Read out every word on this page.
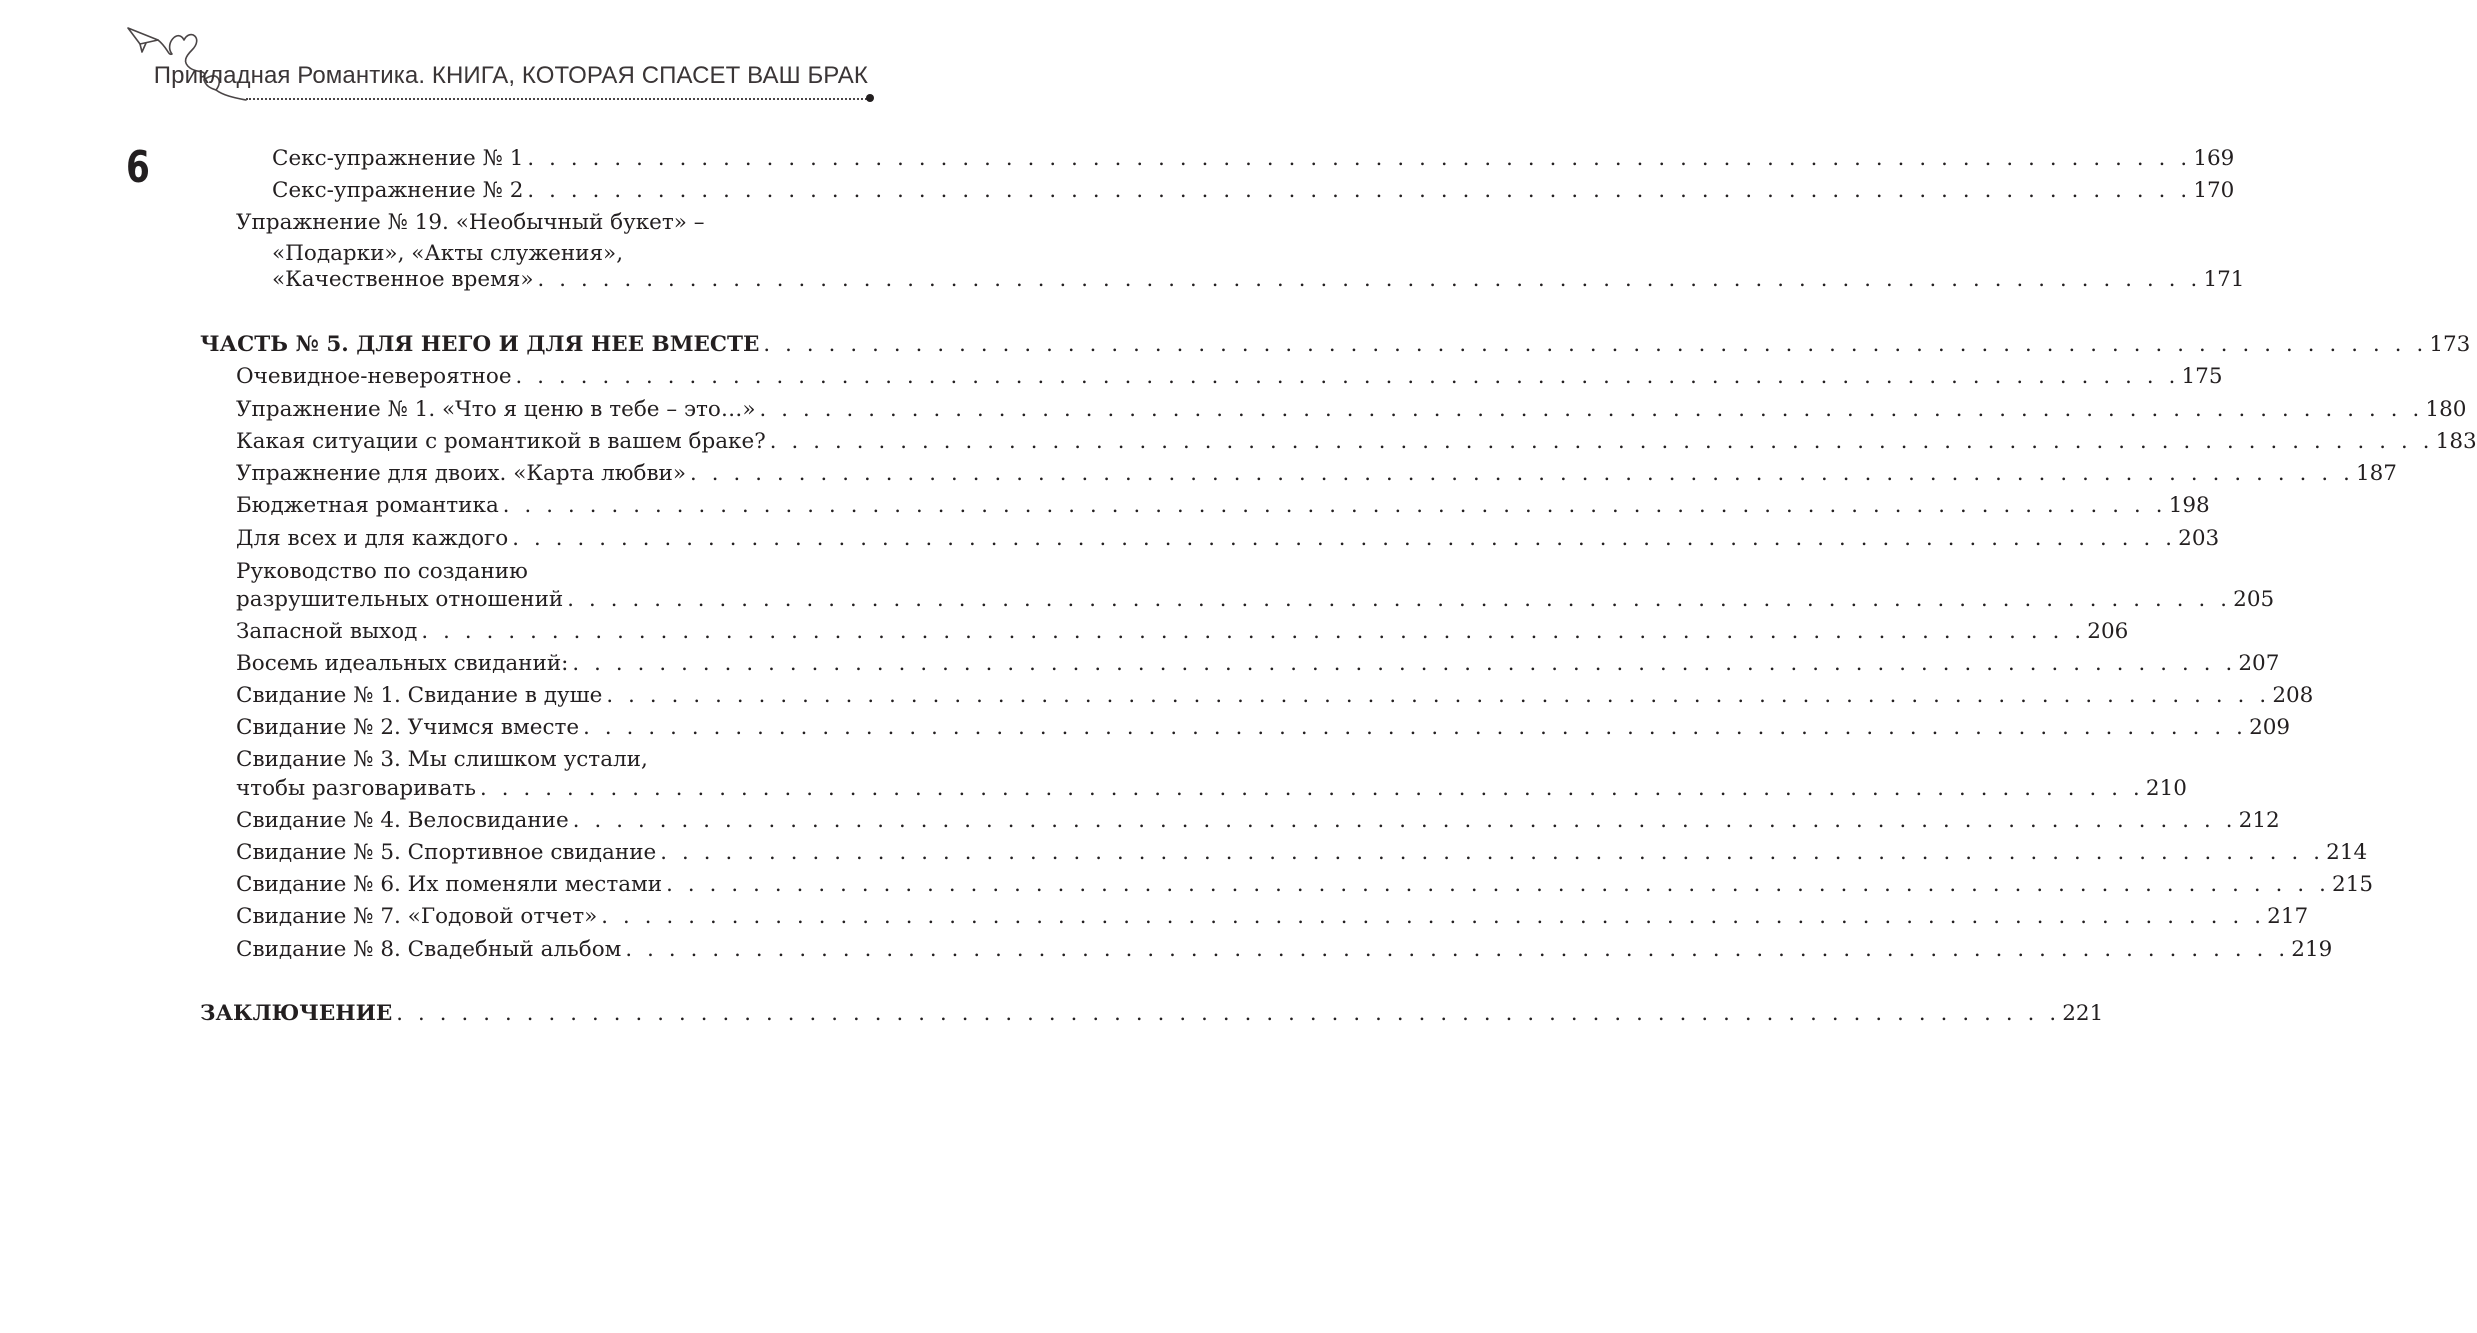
Прикладная Романтика. КНИГА, КОТОРАЯ СПАСЕТ ВАШ БРАК
6	Секс-упражнение № 1 . . . . . . . . . . . . . . . . . . . . . . . . . . . . . . . . . . . . . . . . . . . . . . . . . . . . . . . . . . . . . . . . . . . . . . . . . . . . . 169
Секс-упражнение № 2 . . . . . . . . . . . . . . . . . . . . . . . . . . . . . . . . . . . . . . . . . . . . . . . . . . . . . . . . . . . . . . . . . . . . . . . . . . . . . 170
Упражнение № 19. «Необычный букет» –
«Подарки», «Акты служения»,
«Качественное время» . . . . . . . . . . . . . . . . . . . . . . . . . . . . . . . . . . . . . . . . . . . . . . . . . . . . . . . . . . . . . . . . . . . . . . . . . . . . . 171
ЧАСТЬ № 5. ДЛЯ НЕГО И ДЛЯ НЕЕ ВМЕСТЕ . . . . . . . . . . . . . . . . . . . . . . . . . . . . . . . . . . . . . . . . . . . . . . . . . . . . . . . . . . . . . . . . . . . . . . . . . . . . . 173
Очевидное-невероятное . . . . . . . . . . . . . . . . . . . . . . . . . . . . . . . . . . . . . . . . . . . . . . . . . . . . . . . . . . . . . . . . . . . . . . . . . . . . . 175
Упражнение № 1. «Что я ценю в тебе – это…» . . . . . . . . . . . . . . . . . . . . . . . . . . . . . . . . . . . . . . . . . . . . . . . . . . . . . . . . . . . . . . . . . . . . . . . . . . . . . 180
Какая ситуации с романтикой в вашем браке? . . . . . . . . . . . . . . . . . . . . . . . . . . . . . . . . . . . . . . . . . . . . . . . . . . . . . . . . . . . . . . . . . . . . . . . . . . . . . 183
Упражнение для двоих. «Карта любви» . . . . . . . . . . . . . . . . . . . . . . . . . . . . . . . . . . . . . . . . . . . . . . . . . . . . . . . . . . . . . . . . . . . . . . . . . . . . . 187
Бюджетная романтика . . . . . . . . . . . . . . . . . . . . . . . . . . . . . . . . . . . . . . . . . . . . . . . . . . . . . . . . . . . . . . . . . . . . . . . . . . . . . 198
Для всех и для каждого . . . . . . . . . . . . . . . . . . . . . . . . . . . . . . . . . . . . . . . . . . . . . . . . . . . . . . . . . . . . . . . . . . . . . . . . . . . . . 203
Руководство по созданию
разрушительных отношений . . . . . . . . . . . . . . . . . . . . . . . . . . . . . . . . . . . . . . . . . . . . . . . . . . . . . . . . . . . . . . . . . . . . . . . . . . . . . 205
Запасной выход . . . . . . . . . . . . . . . . . . . . . . . . . . . . . . . . . . . . . . . . . . . . . . . . . . . . . . . . . . . . . . . . . . . . . . . . . . . . . 206
Восемь идеальных свиданий: . . . . . . . . . . . . . . . . . . . . . . . . . . . . . . . . . . . . . . . . . . . . . . . . . . . . . . . . . . . . . . . . . . . . . . . . . . . . . 207
Свидание № 1. Свидание в душе . . . . . . . . . . . . . . . . . . . . . . . . . . . . . . . . . . . . . . . . . . . . . . . . . . . . . . . . . . . . . . . . . . . . . . . . . . . . . 208
Свидание № 2. Учимся вместе . . . . . . . . . . . . . . . . . . . . . . . . . . . . . . . . . . . . . . . . . . . . . . . . . . . . . . . . . . . . . . . . . . . . . . . . . . . . . 209
Свидание № 3. Мы слишком устали,
чтобы разговаривать . . . . . . . . . . . . . . . . . . . . . . . . . . . . . . . . . . . . . . . . . . . . . . . . . . . . . . . . . . . . . . . . . . . . . . . . . . . . . 210
Свидание № 4. Велосвидание . . . . . . . . . . . . . . . . . . . . . . . . . . . . . . . . . . . . . . . . . . . . . . . . . . . . . . . . . . . . . . . . . . . . . . . . . . . . . 212
Свидание № 5. Спортивное свидание . . . . . . . . . . . . . . . . . . . . . . . . . . . . . . . . . . . . . . . . . . . . . . . . . . . . . . . . . . . . . . . . . . . . . . . . . . . . . 214
Свидание № 6. Их поменяли местами . . . . . . . . . . . . . . . . . . . . . . . . . . . . . . . . . . . . . . . . . . . . . . . . . . . . . . . . . . . . . . . . . . . . . . . . . . . . . 215
Свидание № 7. «Годовой отчет» . . . . . . . . . . . . . . . . . . . . . . . . . . . . . . . . . . . . . . . . . . . . . . . . . . . . . . . . . . . . . . . . . . . . . . . . . . . . . 217
Свидание № 8. Свадебный альбом . . . . . . . . . . . . . . . . . . . . . . . . . . . . . . . . . . . . . . . . . . . . . . . . . . . . . . . . . . . . . . . . . . . . . . . . . . . . . 219
ЗАКЛЮЧЕНИЕ . . . . . . . . . . . . . . . . . . . . . . . . . . . . . . . . . . . . . . . . . . . . . . . . . . . . . . . . . . . . . . . . . . . . . . . . . . . . . 221
